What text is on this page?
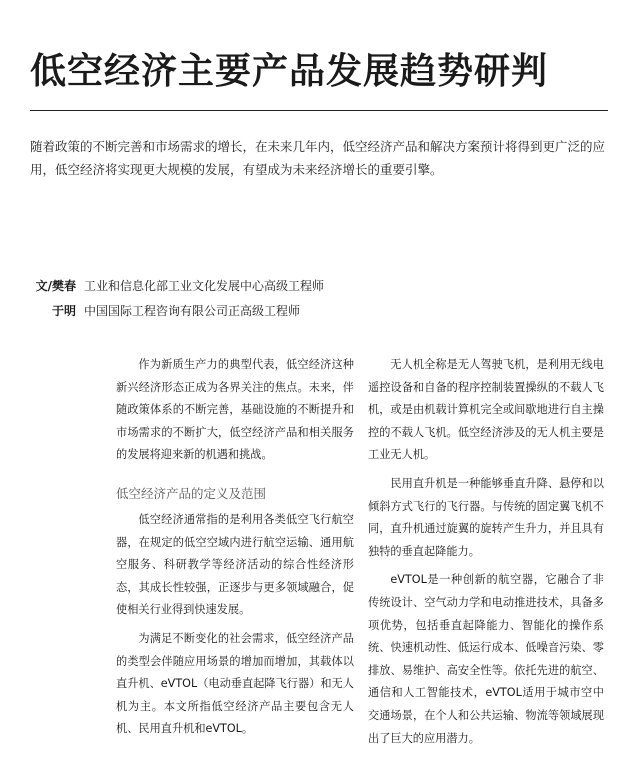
低空经济主要产品发展趋势研判

随着政策的不断完善和市场需求的增长，在未来几年内，低空经济产品和解决方案预计将得到更广泛的应用，低空经济将实现更大规模的发展，有望成为未来经济增长的重要引擎。

文/樊春 工业和信息化部工业文化发展中心高级工程师
于明 中国国际工程咨询有限公司正高级工程师

作为新质生产力的典型代表，低空经济这种新兴经济形态正成为各界关注的焦点。未来，伴随政策体系的不断完善，基础设施的不断提升和市场需求的不断扩大，低空经济产品和相关服务的发展将迎来新的机遇和挑战。

低空经济产品的定义及范围

低空经济通常指的是利用各类低空飞行航空器，在规定的低空空域内进行航空运输、通用航空服务、科研教学等经济活动的综合性经济形态，其成长性较强，正逐步与更多领域融合，促使相关行业得到快速发展。

为满足不断变化的社会需求，低空经济产品的类型会伴随应用场景的增加而增加，其载体以直升机、eVTOL（电动垂直起降飞行器）和无人机为主。本文所指低空经济产品主要包含无人机、民用直升机和eVTOL。

无人机全称是无人驾驶飞机，是利用无线电遥控设备和自备的程序控制装置操纵的不载人飞机，或是由机载计算机完全或间歇地进行自主操控的不载人飞机。低空经济涉及的无人机主要是工业无人机。

民用直升机是一种能够垂直升降、悬停和以倾斜方式飞行的飞行器。与传统的固定翼飞机不同，直升机通过旋翼的旋转产生升力，并且具有独特的垂直起降能力。

eVTOL是一种创新的航空器，它融合了非传统设计、空气动力学和电动推进技术，具备多项优势，包括垂直起降能力、智能化的操作系统、快速机动性、低运行成本、低噪音污染、零排放、易维护、高安全性等。依托先进的航空、通信和人工智能技术，eVTOL适用于城市空中交通场景，在个人和公共运输、物流等领域展现出了巨大的应用潜力。
